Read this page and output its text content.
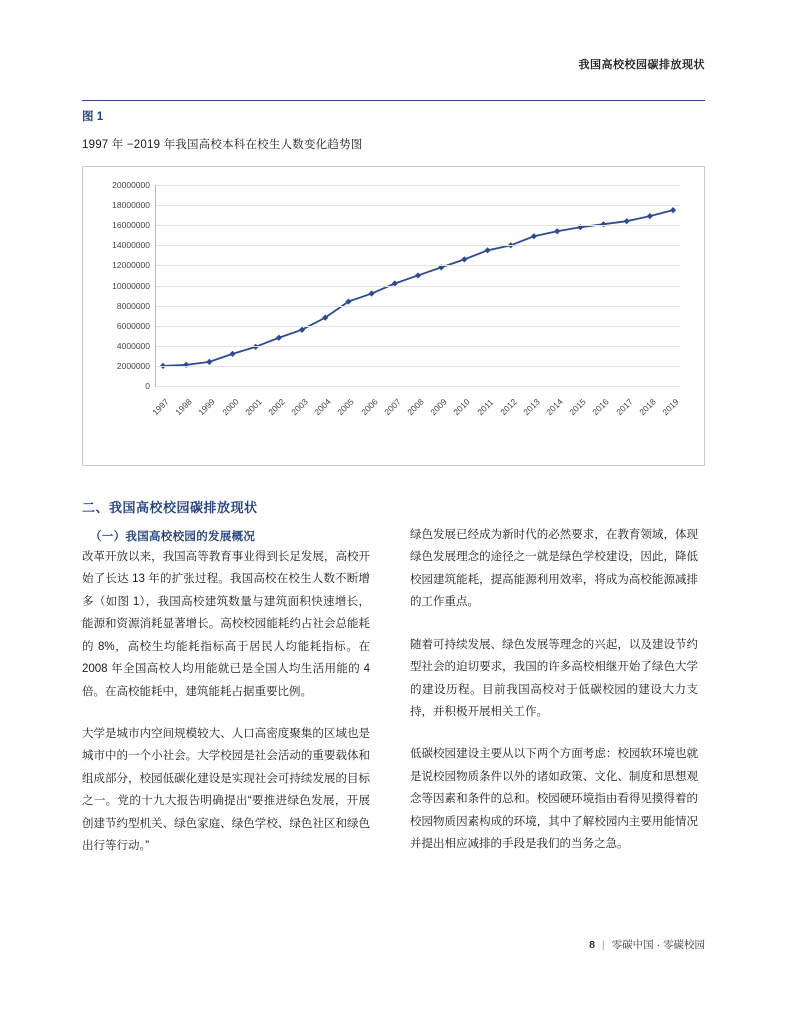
我国高校校园碳排放现状
图 1
1997 年 −2019 年我国高校本科在校生人数变化趋势图
0
2000000
4000000
6000000
8000000
10000000
12000000
14000000
16000000
18000000
20000000
1997 1998 1999 2000 2001 2002 2003 2004 2005 2006 2007 2008 2009 2010 2011 2012 2013 2014 2015 2016 2017 2018 2019
二、我国高校校园碳排放现状
（一）我国高校校园的发展概况

改革开放以来，我国高等教育事业得到长足发展，高校开始了长达 13 年的扩张过程。我国高校在校生人数不断增多（如图 1），我国高校建筑数量与建筑面积快速增长，能源和资源消耗显著增长。高校校园能耗约占社会总能耗的 8%，高校生均能耗指标高于居民人均能耗指标。在 2008 年全国高校人均用能就已是全国人均生活用能的 4 倍。在高校能耗中，建筑能耗占据重要比例。

大学是城市内空间规模较大、人口高密度聚集的区域也是城市中的一个小社会。大学校园是社会活动的重要载体和组成部分，校园低碳化建设是实现社会可持续发展的目标之一。党的十九大报告明确提出“要推进绿色发展，开展创建节约型机关、绿色家庭、绿色学校、绿色社区和绿色出行等行动。”

绿色发展已经成为新时代的必然要求，在教育领域，体现绿色发展理念的途径之一就是绿色学校建设，因此，降低校园建筑能耗，提高能源利用效率，将成为高校能源减排的工作重点。

随着可持续发展、绿色发展等理念的兴起，以及建设节约型社会的迫切要求，我国的许多高校相继开始了绿色大学的建设历程。目前我国高校对于低碳校园的建设大力支持，并积极开展相关工作。

低碳校园建设主要从以下两个方面考虑：校园软环境也就是说校园物质条件以外的诸如政策、文化、制度和思想观念等因素和条件的总和。校园硬环境指由看得见摸得着的校园物质因素构成的环境，其中了解校园内主要用能情况并提出相应减排的手段是我们的当务之急。

8 | 零碳中国 · 零碳校园
